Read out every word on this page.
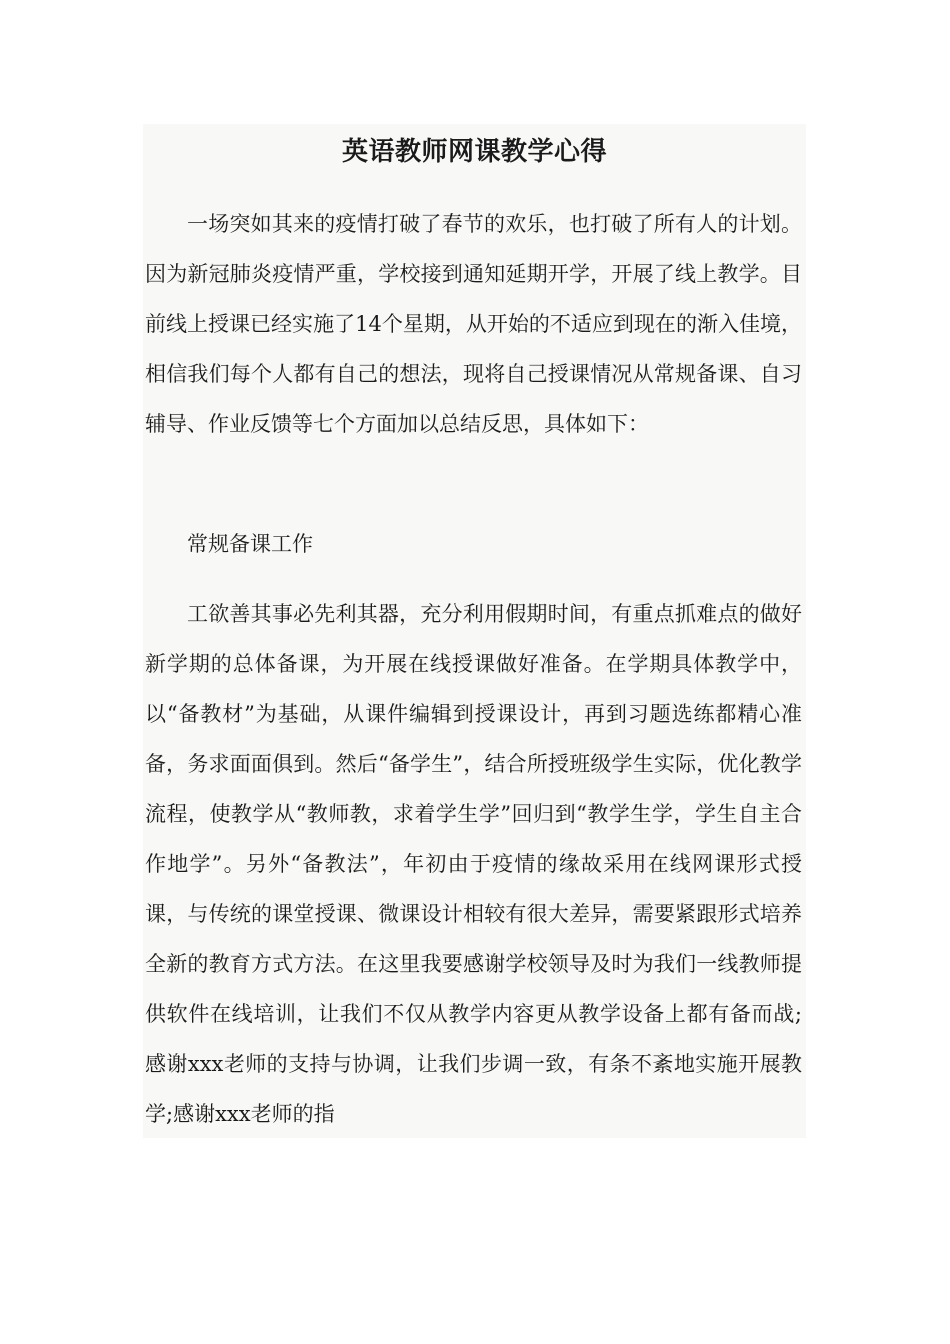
英语教师网课教学心得

一场突如其来的疫情打破了春节的欢乐，也打破了所有人的计划。因为新冠肺炎疫情严重，学校接到通知延期开学，开展了线上教学。目前线上授课已经实施了14个星期，从开始的不适应到现在的渐入佳境，相信我们每个人都有自己的想法，现将自己授课情况从常规备课、自习辅导、作业反馈等七个方面加以总结反思，具体如下：

常规备课工作

工欲善其事必先利其器，充分利用假期时间，有重点抓难点的做好新学期的总体备课，为开展在线授课做好准备。在学期具体教学中，以“备教材”为基础，从课件编辑到授课设计，再到习题选练都精心准备，务求面面俱到。然后“备学生”，结合所授班级学生实际，优化教学流程，使教学从“教师教，求着学生学”回归到“教学生学，学生自主合作地学”。另外“备教法”，年初由于疫情的缘故采用在线网课形式授课，与传统的课堂授课、微课设计相较有很大差异，需要紧跟形式培养全新的教育方式方法。在这里我要感谢学校领导及时为我们一线教师提供软件在线培训，让我们不仅从教学内容更从教学设备上都有备而战;感谢xxx老师的支持与协调，让我们步调一致，有条不紊地实施开展教学;感谢xxx老师的指
